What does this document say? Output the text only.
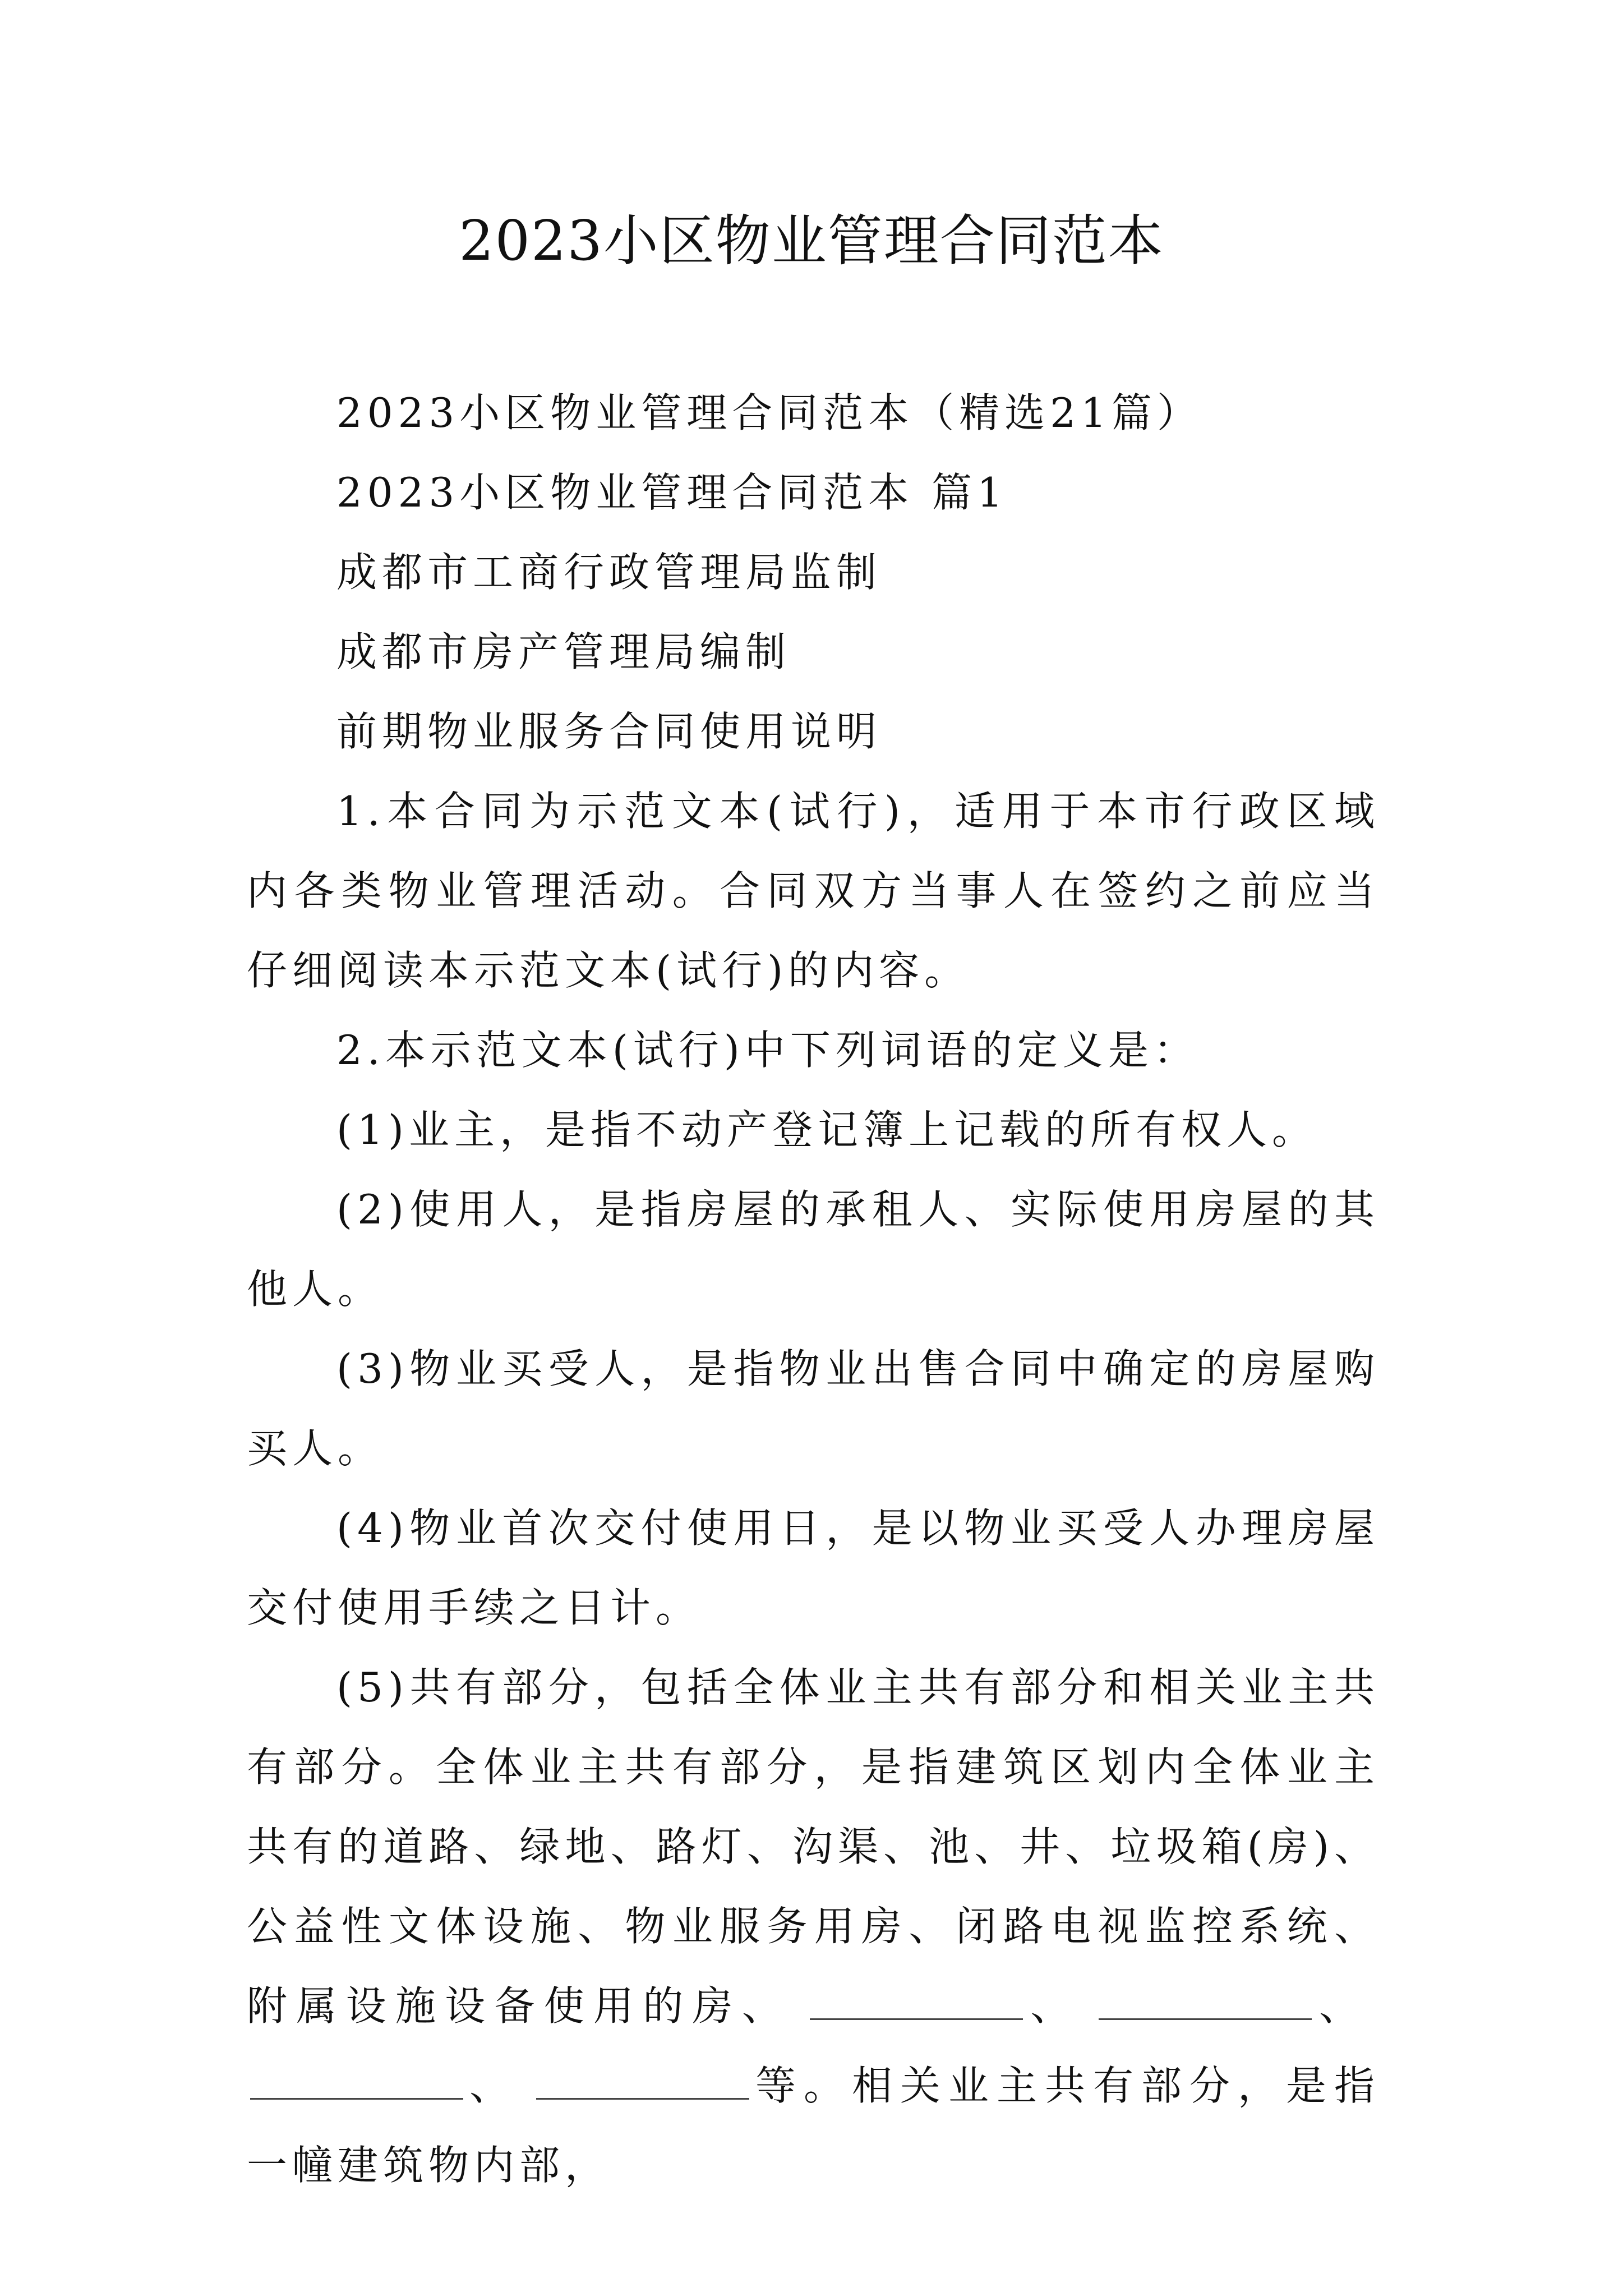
2023小区物业管理合同范本

2023小区物业管理合同范本（精选21篇）

2023小区物业管理合同范本 篇1

成都市工商行政管理局监制

成都市房产管理局编制

前期物业服务合同使用说明

1.本合同为示范文本(试行)，适用于本市行政区域内各类物业管理活动。合同双方当事人在签约之前应当仔细阅读本示范文本(试行)的内容。

2.本示范文本(试行)中下列词语的定义是：

(1)业主，是指不动产登记簿上记载的所有权人。

(2)使用人，是指房屋的承租人、实际使用房屋的其他人。

(3)物业买受人，是指物业出售合同中确定的房屋购买人。

(4)物业首次交付使用日，是以物业买受人办理房屋交付使用手续之日计。

(5)共有部分，包括全体业主共有部分和相关业主共有部分。全体业主共有部分，是指建筑区划内全体业主共有的道路、绿地、路灯、沟渠、池、井、垃圾箱(房)、公益性文体设施、物业服务用房、闭路电视监控系统、附属设施设备使用的房、	、	、、	等。相关业主共有部分，是指一幢建筑物内部，
